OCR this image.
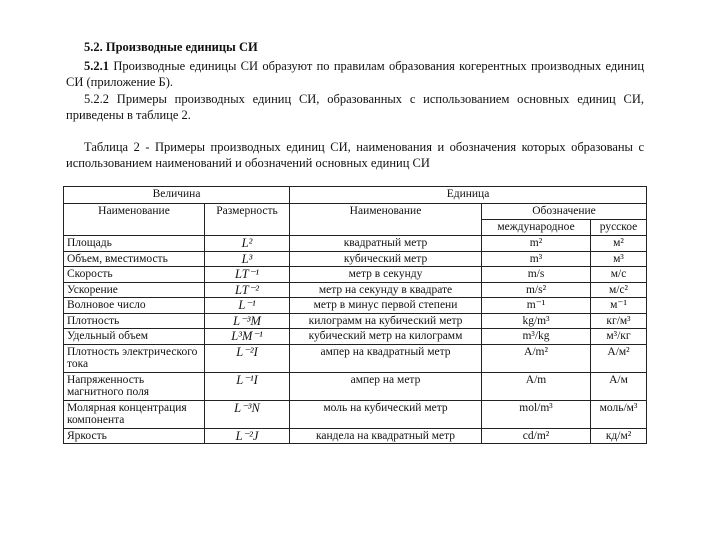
5.2. Производные единицы СИ
5.2.1 Производные единицы СИ образуют по правилам образования когерентных производных единиц СИ (приложение Б).
5.2.2 Примеры производных единиц СИ, образованных с использованием основных единиц СИ, приведены в таблице 2.
Таблица 2 - Примеры производных единиц СИ, наименования и обозначения которых образованы с использованием наименований и обозначений основных единиц СИ
Величина		Единица		
Наименование	Размерность	Наименование	Обозначение	
			международное	русское
Площадь	L²	квадратный метр	m²	м²
Объем, вместимость	L³	кубический метр	m³	м³
Скорость	LT⁻¹	метр в секунду	m/s	м/с
Ускорение	LT⁻²	метр на секунду в квадрате	m/s²	м/с²
Волновое число	L⁻¹	метр в минус первой степени	m⁻¹	м⁻¹
Плотность	L⁻³M	килограмм на кубический метр	kg/m³	кг/м³
Удельный объем	L³M⁻¹	кубический метр на килограмм	m³/kg	м³/кг
Плотность электрического тока	L⁻²I	ампер на квадратный метр	A/m²	А/м²
Напряженность магнитного поля	L⁻¹I	ампер на метр	A/m	А/м
Молярная концентрация компонента	L⁻³N	моль на кубический метр	mol/m³	моль/м³
Яркость	L⁻²J	кандела на квадратный метр	cd/m²	кд/м²
